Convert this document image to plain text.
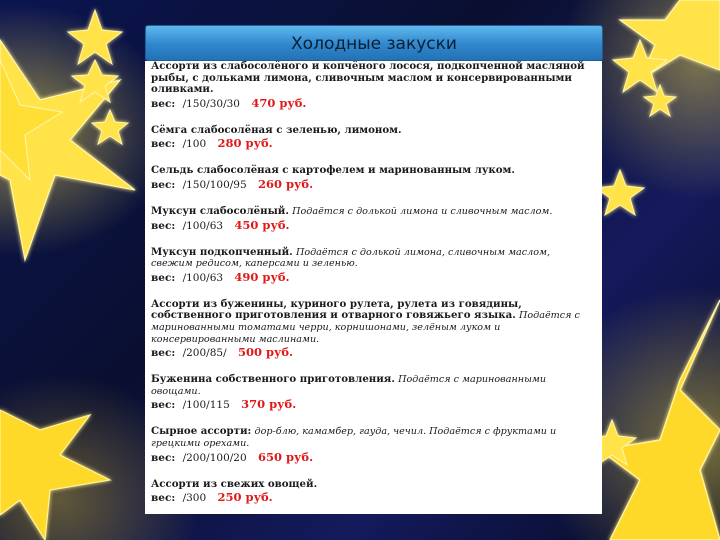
Холодные закуски
Ассорти из слабосолёного и копчёного лосося, подкопченной масляной рыбы, с дольками лимона, сливочным маслом и консервированными оливками.
вес: /150/30/30 470 руб.
Сёмга слабосолёная с зеленью, лимоном.
вес: /100 280 руб.
Сельдь слабосолёная с картофелем и маринованным луком.
вес: /150/100/95 260 руб.
Муксун слабосолёный. Подаётся с долькой лимона и сливочным маслом.
вес: /100/63 450 руб.
Муксун подкопченный. Подаётся с долькой лимона, сливочным маслом, свежим редисом, каперсами и зеленью.
вес: /100/63 490 руб.
Ассорти из буженины, куриного рулета, рулета из говядины, собственного приготовления и отварного говяжьего языка. Подаётся с маринованными томатами черри, корнишонами, зелёным луком и консервированными маслинами.
вес: /200/85/ 500 руб.
Буженина собственного приготовления. Подаётся с маринованными овощами.
вес: /100/115 370 руб.
Сырное ассорти: дор-блю, камамбер, гауда, чечил. Подаётся с фруктами и грецкими орехами.
вес: /200/100/20 650 руб.
Ассорти из свежих овощей.
вес: /300 250 руб.
